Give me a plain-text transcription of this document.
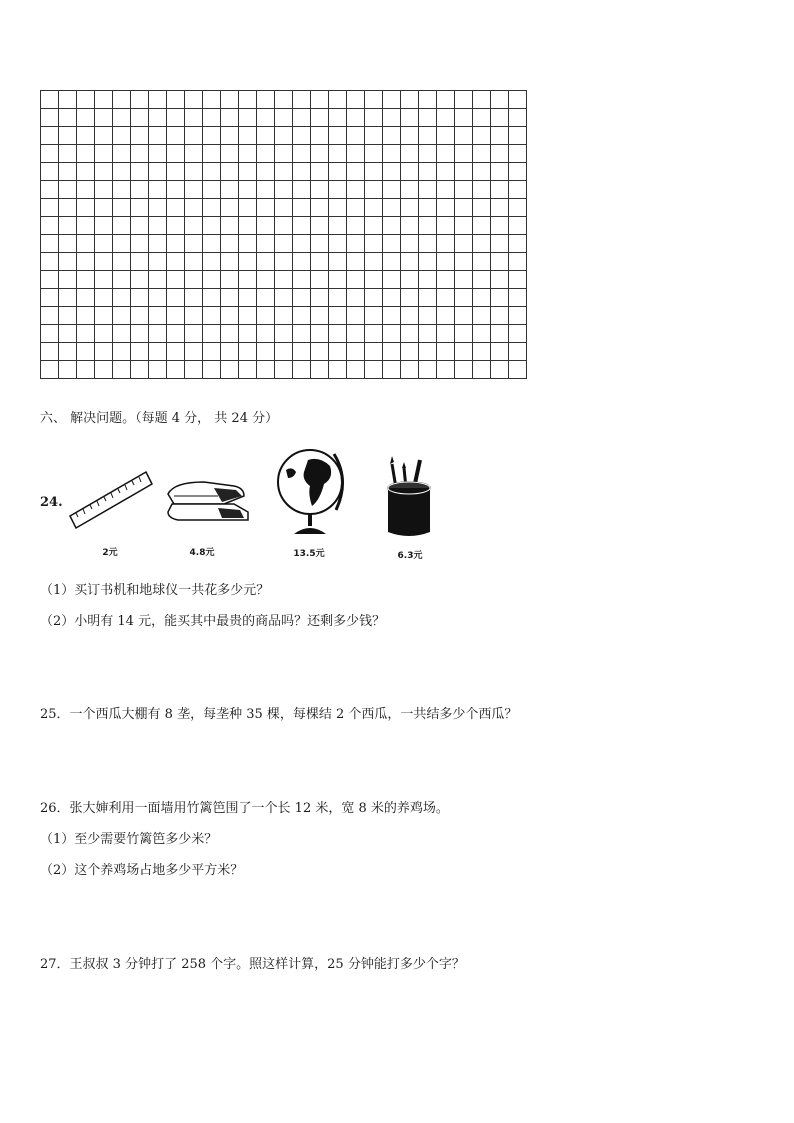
六、 解决问题。（每题 4 分， 共 24 分）
24.
2元	4.8元	13.5元	6.3元
（1）买订书机和地球仪一共花多少元？
（2）小明有 14 元，能买其中最贵的商品吗？还剩多少钱？
25．一个西瓜大棚有 8 垄，每垄种 35 棵，每棵结 2 个西瓜，一共结多少个西瓜？
26．张大婶利用一面墙用竹篱笆围了一个长 12 米，宽 8 米的养鸡场。
（1）至少需要竹篱笆多少米？
（2）这个养鸡场占地多少平方米？
27．王叔叔 3 分钟打了 258 个字。照这样计算，25 分钟能打多少个字？
